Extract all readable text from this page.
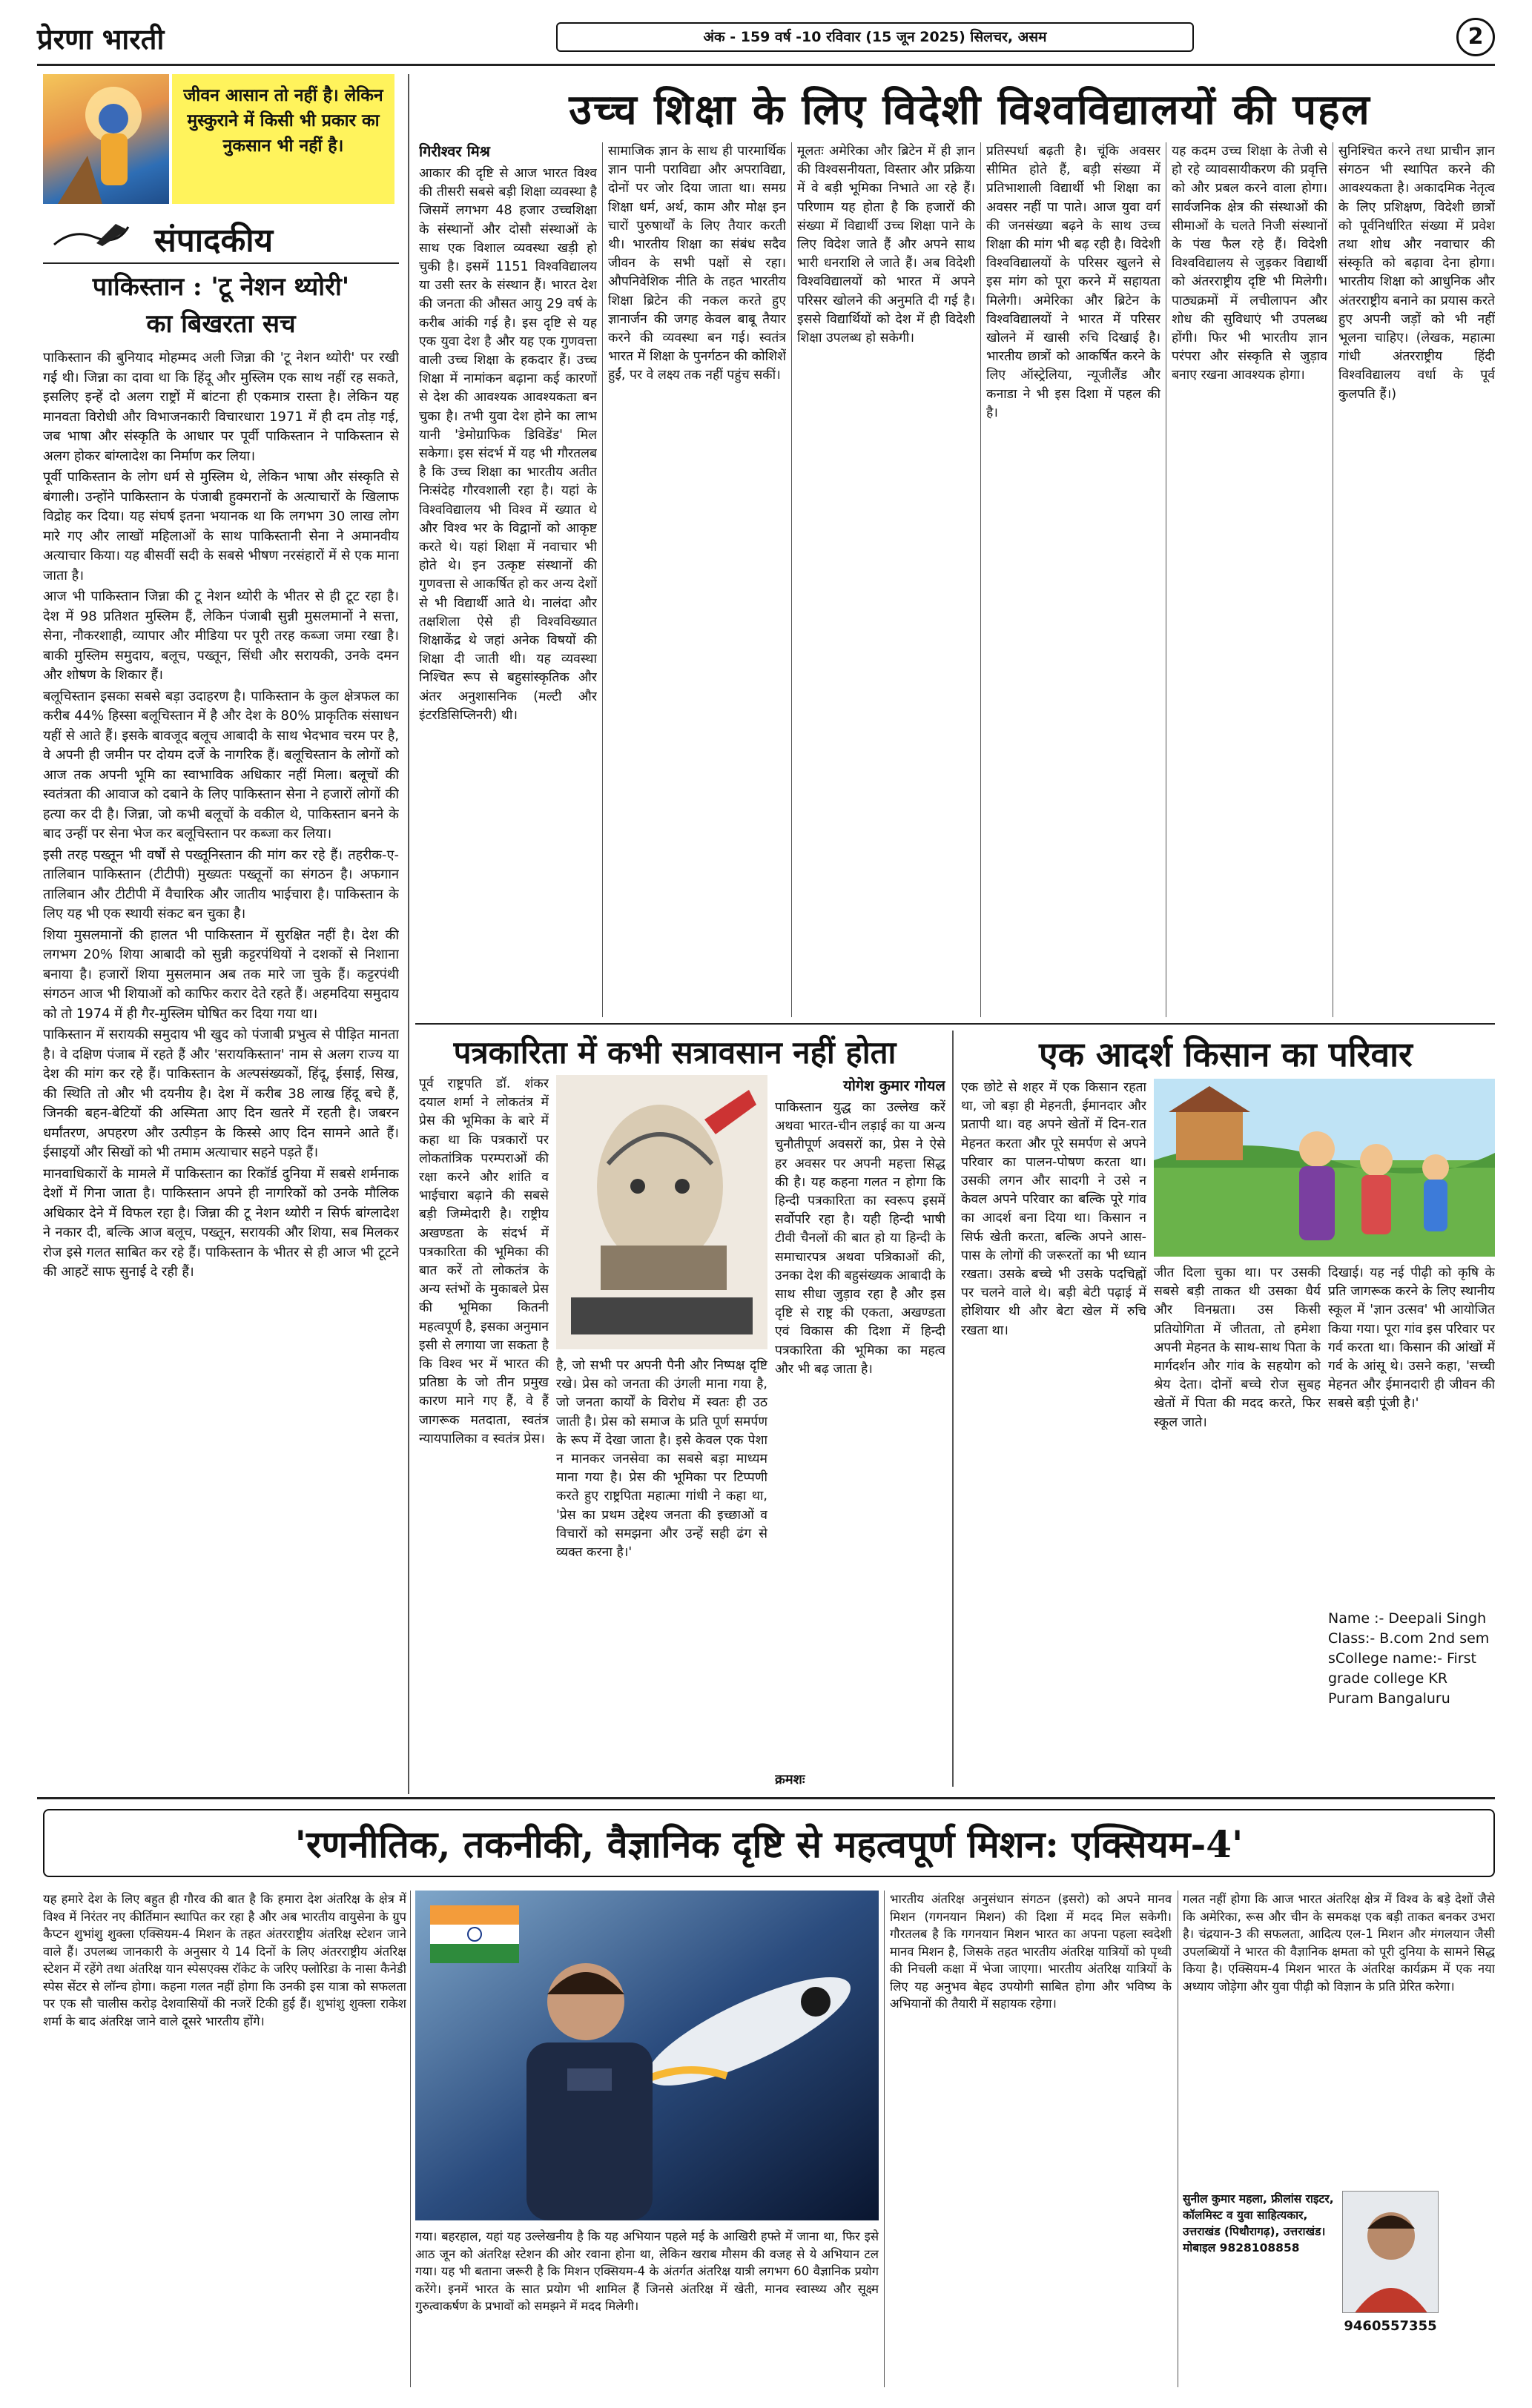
प्रेरणा भारती	अंक - 159 वर्ष -10 रविवार (15 जून 2025) सिलचर, असम	2
जीवन आसान तो नहीं है। लेकिन मुस्कुराने में किसी भी प्रकार का नुकसान भी नहीं है।
संपादकीय
पाकिस्तान : 'टू नेशन थ्योरी'
का बिखरता सच

पाकिस्तान की बुनियाद मोहम्मद अली जिन्ना की 'टू नेशन थ्योरी' पर रखी गई थी। जिन्ना का दावा था कि हिंदू और मुस्लिम एक साथ नहीं रह सकते, इसलिए इन्हें दो अलग राष्ट्रों में बांटना ही एकमात्र रास्ता है। लेकिन यह मानवता विरोधी और विभाजनकारी विचारधारा 1971 में ही दम तोड़ गई, जब भाषा और संस्कृति के आधार पर पूर्वी पाकिस्तान ने पाकिस्तान से अलग होकर बांग्लादेश का निर्माण कर लिया।

पूर्वी पाकिस्तान के लोग धर्म से मुस्लिम थे, लेकिन भाषा और संस्कृति से बंगाली। उन्होंने पाकिस्तान के पंजाबी हुक्मरानों के अत्याचारों के खिलाफ विद्रोह कर दिया। यह संघर्ष इतना भयानक था कि लगभग 30 लाख लोग मारे गए और लाखों महिलाओं के साथ पाकिस्तानी सेना ने अमानवीय अत्याचार किया। यह बीसवीं सदी के सबसे भीषण नरसंहारों में से एक माना जाता है।

आज भी पाकिस्तान जिन्ना की टू नेशन थ्योरी के भीतर से ही टूट रहा है। देश में 98 प्रतिशत मुस्लिम हैं, लेकिन पंजाबी सुन्नी मुसलमानों ने सत्ता, सेना, नौकरशाही, व्यापार और मीडिया पर पूरी तरह कब्जा जमा रखा है। बाकी मुस्लिम समुदाय, बलूच, पख्तून, सिंधी और सरायकी, उनके दमन और शोषण के शिकार हैं।

बलूचिस्तान इसका सबसे बड़ा उदाहरण है। पाकिस्तान के कुल क्षेत्रफल का करीब 44% हिस्सा बलूचिस्तान में है और देश के 80% प्राकृतिक संसाधन यहीं से आते हैं। इसके बावजूद बलूच आबादी के साथ भेदभाव चरम पर है, वे अपनी ही जमीन पर दोयम दर्जे के नागरिक हैं। बलूचिस्तान के लोगों को आज तक अपनी भूमि का स्वाभाविक अधिकार नहीं मिला। बलूचों की स्वतंत्रता की आवाज को दबाने के लिए पाकिस्तान सेना ने हजारों लोगों की हत्या कर दी है। जिन्ना, जो कभी बलूचों के वकील थे, पाकिस्तान बनने के बाद उन्हीं पर सेना भेज कर बलूचिस्तान पर कब्जा कर लिया।

इसी तरह पख्तून भी वर्षों से पख्तूनिस्तान की मांग कर रहे हैं। तहरीक-ए-तालिबान पाकिस्तान (टीटीपी) मुख्यतः पख्तूनों का संगठन है। अफगान तालिबान और टीटीपी में वैचारिक और जातीय भाईचारा है। पाकिस्तान के लिए यह भी एक स्थायी संकट बन चुका है।

शिया मुसलमानों की हालत भी पाकिस्तान में सुरक्षित नहीं है। देश की लगभग 20% शिया आबादी को सुन्नी कट्टरपंथियों ने दशकों से निशाना बनाया है। हजारों शिया मुसलमान अब तक मारे जा चुके हैं। कट्टरपंथी संगठन आज भी शियाओं को काफिर करार देते रहते हैं। अहमदिया समुदाय को तो 1974 में ही गैर-मुस्लिम घोषित कर दिया गया था।

पाकिस्तान में सरायकी समुदाय भी खुद को पंजाबी प्रभुत्व से पीड़ित मानता है। वे दक्षिण पंजाब में रहते हैं और 'सरायकिस्तान' नाम से अलग राज्य या देश की मांग कर रहे हैं। पाकिस्तान के अल्पसंख्यकों, हिंदू, ईसाई, सिख, की स्थिति तो और भी दयनीय है। देश में करीब 38 लाख हिंदू बचे हैं, जिनकी बहन-बेटियों की अस्मिता आए दिन खतरे में रहती है। जबरन धर्मांतरण, अपहरण और उत्पीड़न के किस्से आए दिन सामने आते हैं। ईसाइयों और सिखों को भी तमाम अत्याचार सहने पड़ते हैं।

मानवाधिकारों के मामले में पाकिस्तान का रिकॉर्ड दुनिया में सबसे शर्मनाक देशों में गिना जाता है। पाकिस्तान अपने ही नागरिकों को उनके मौलिक अधिकार देने में विफल रहा है। जिन्ना की टू नेशन थ्योरी न सिर्फ बांग्लादेश ने नकार दी, बल्कि आज बलूच, पख्तून, सरायकी और शिया, सब मिलकर रोज इसे गलत साबित कर रहे हैं। पाकिस्तान के भीतर से ही आज भी टूटने की आहटें साफ सुनाई दे रही हैं।

उच्च शिक्षा के लिए विदेशी विश्वविद्यालयों की पहल
गिरीश्वर मिश्र

आकार की दृष्टि से आज भारत विश्व की तीसरी सबसे बड़ी शिक्षा व्यवस्था है जिसमें लगभग 48 हजार उच्चशिक्षा के संस्थानों और दोसौ संस्थाओं के साथ एक विशाल व्यवस्था खड़ी हो चुकी है। इसमें 1151 विश्वविद्यालय या उसी स्तर के संस्थान हैं। भारत देश की जनता की औसत आयु 29 वर्ष के करीब आंकी गई है। इस दृष्टि से यह एक युवा देश है और यह एक गुणवत्ता वाली उच्च शिक्षा के हकदार हैं। उच्च शिक्षा में नामांकन बढ़ाना कई कारणों से देश की आवश्यक आवश्यकता बन चुका है। तभी युवा देश होने का लाभ यानी 'डेमोग्राफिक डिविडेंड' मिल सकेगा। इस संदर्भ में यह भी गौरतलब है कि उच्च शिक्षा का भारतीय अतीत निःसंदेह गौरवशाली रहा है। यहां के विश्वविद्यालय भी विश्व में ख्यात थे और विश्व भर के विद्वानों को आकृष्ट करते थे। यहां शिक्षा में नवाचार भी होते थे। इन उत्कृष्ट संस्थानों की गुणवत्ता से आकर्षित हो कर अन्य देशों से भी विद्यार्थी आते थे। नालंदा और तक्षशिला ऐसे ही विश्वविख्यात शिक्षाकेंद्र थे जहां अनेक विषयों की शिक्षा दी जाती थी। यह व्यवस्था निश्चित रूप से बहुसांस्कृतिक और अंतर अनुशासनिक (मल्टी और इंटरडिसिप्लिनरी) थी।

सामाजिक ज्ञान के साथ ही पारमार्थिक ज्ञान पानी पराविद्या और अपराविद्या, दोनों पर जोर दिया जाता था। समग्र शिक्षा धर्म, अर्थ, काम और मोक्ष इन चारों पुरुषार्थों के लिए तैयार करती थी। भारतीय शिक्षा का संबंध सदैव जीवन के सभी पक्षों से रहा। औपनिवेशिक नीति के तहत भारतीय शिक्षा ब्रिटेन की नकल करते हुए ज्ञानार्जन की जगह केवल बाबू तैयार करने की व्यवस्था बन गई। स्वतंत्र भारत में शिक्षा के पुनर्गठन की कोशिशें हुईं, पर वे लक्ष्य तक नहीं पहुंच सकीं।

मूलतः अमेरिका और ब्रिटेन में ही ज्ञान की विश्वसनीयता, विस्तार और प्रक्रिया में वे बड़ी भूमिका निभाते आ रहे हैं। परिणाम यह होता है कि हजारों की संख्या में विद्यार्थी उच्च शिक्षा पाने के लिए विदेश जाते हैं और अपने साथ भारी धनराशि ले जाते हैं। अब विदेशी विश्वविद्यालयों को भारत में अपने परिसर खोलने की अनुमति दी गई है। इससे विद्यार्थियों को देश में ही विदेशी शिक्षा उपलब्ध हो सकेगी।

प्रतिस्पर्धा बढ़ती है। चूंकि अवसर सीमित होते हैं, बड़ी संख्या में प्रतिभाशाली विद्यार्थी भी शिक्षा का अवसर नहीं पा पाते। आज युवा वर्ग की जनसंख्या बढ़ने के साथ उच्च शिक्षा की मांग भी बढ़ रही है। विदेशी विश्वविद्यालयों के परिसर खुलने से इस मांग को पूरा करने में सहायता मिलेगी। अमेरिका और ब्रिटेन के विश्वविद्यालयों ने भारत में परिसर खोलने में खासी रुचि दिखाई है। भारतीय छात्रों को आकर्षित करने के लिए ऑस्ट्रेलिया, न्यूजीलैंड और कनाडा ने भी इस दिशा में पहल की है।

यह कदम उच्च शिक्षा के तेजी से हो रहे व्यावसायीकरण की प्रवृत्ति को और प्रबल करने वाला होगा। सार्वजनिक क्षेत्र की संस्थाओं की सीमाओं के चलते निजी संस्थानों के पंख फैल रहे हैं। विदेशी विश्वविद्यालय से जुड़कर विद्यार्थी को अंतरराष्ट्रीय दृष्टि भी मिलेगी। पाठ्यक्रमों में लचीलापन और शोध की सुविधाएं भी उपलब्ध होंगी। फिर भी भारतीय ज्ञान परंपरा और संस्कृति से जुड़ाव बनाए रखना आवश्यक होगा।

सुनिश्चित करने तथा प्राचीन ज्ञान संगठन भी स्थापित करने की आवश्यकता है। अकादमिक नेतृत्व के लिए प्रशिक्षण, विदेशी छात्रों को पूर्वनिर्धारित संख्या में प्रवेश तथा शोध और नवाचार की संस्कृति को बढ़ावा देना होगा। भारतीय शिक्षा को आधुनिक और अंतरराष्ट्रीय बनाने का प्रयास करते हुए अपनी जड़ों को भी नहीं भूलना चाहिए। (लेखक, महात्मा गांधी अंतरराष्ट्रीय हिंदी विश्वविद्यालय वर्धा के पूर्व कुलपति हैं।)

पत्रकारिता में कभी सत्रावसान नहीं होता

पूर्व राष्ट्रपति डॉ. शंकर दयाल शर्मा ने लोकतंत्र में प्रेस की भूमिका के बारे में कहा था कि पत्रकारों पर लोकतांत्रिक परम्पराओं की रक्षा करने और शांति व भाईचारा बढ़ाने की सबसे बड़ी जिम्मेदारी है। राष्ट्रीय अखण्डता के संदर्भ में पत्रकारिता की भूमिका की बात करें तो लोकतंत्र के अन्य स्तंभों के मुकाबले प्रेस की भूमिका कितनी महत्वपूर्ण है, इसका अनुमान इसी से लगाया जा सकता है कि विश्व भर में भारत की प्रतिष्ठा के जो तीन प्रमुख कारण माने गए हैं, वे हैं जागरूक मतदाता, स्वतंत्र न्यायपालिका व स्वतंत्र प्रेस।

है, जो सभी पर अपनी पैनी और निष्पक्ष दृष्टि रखे। प्रेस को जनता की उंगली माना गया है, जो जनता कार्यों के विरोध में स्वतः ही उठ जाती है। प्रेस को समाज के प्रति पूर्ण समर्पण के रूप में देखा जाता है। इसे केवल एक पेशा न मानकर जनसेवा का सबसे बड़ा माध्यम माना गया है। प्रेस की भूमिका पर टिप्पणी करते हुए राष्ट्रपिता महात्मा गांधी ने कहा था, 'प्रेस का प्रथम उद्देश्य जनता की इच्छाओं व विचारों को समझना और उन्हें सही ढंग से व्यक्त करना है।'

योगेश कुमार गोयल

पाकिस्तान युद्ध का उल्लेख करें अथवा भारत-चीन लड़ाई का या अन्य चुनौतीपूर्ण अवसरों का, प्रेस ने ऐसे हर अवसर पर अपनी महत्ता सिद्ध की है। यह कहना गलत न होगा कि हिन्दी पत्रकारिता का स्वरूप इसमें सर्वोपरि रहा है। यही हिन्दी भाषी टीवी चैनलों की बात हो या हिन्दी के समाचारपत्र अथवा पत्रिकाओं की, उनका देश की बहुसंख्यक आबादी के साथ सीधा जुड़ाव रहा है और इस दृष्टि से राष्ट्र की एकता, अखण्डता एवं विकास की दिशा में हिन्दी पत्रकारिता की भूमिका का महत्व और भी बढ़ जाता है।

क्रमशः
एक आदर्श किसान का परिवार

एक छोटे से शहर में एक किसान रहता था, जो बड़ा ही मेहनती, ईमानदार और प्रतापी था। वह अपने खेतों में दिन-रात मेहनत करता और पूरे समर्पण से अपने परिवार का पालन-पोषण करता था। उसकी लगन और सादगी ने उसे न केवल अपने परिवार का बल्कि पूरे गांव का आदर्श बना दिया था। किसान न सिर्फ खेती करता, बल्कि अपने आस-पास के लोगों की जरूरतों का भी ध्यान रखता। उसके बच्चे भी उसके पदचिह्नों पर चलने वाले थे। बड़ी बेटी पढ़ाई में होशियार थी और बेटा खेल में रुचि रखता था।

जीत दिला चुका था। पर उसकी सबसे बड़ी ताकत थी उसका धैर्य और विनम्रता। उस किसी प्रतियोगिता में जीतता, तो हमेशा अपनी मेहनत के साथ-साथ पिता के मार्गदर्शन और गांव के सहयोग को श्रेय देता। दोनों बच्चे रोज सुबह खेतों में पिता की मदद करते, फिर स्कूल जाते।

दिखाई। यह नई पीढ़ी को कृषि के प्रति जागरूक करने के लिए स्थानीय स्कूल में 'ज्ञान उत्सव' भी आयोजित किया गया। पूरा गांव इस परिवार पर गर्व करता था। किसान की आंखों में गर्व के आंसू थे। उसने कहा, 'सच्ची मेहनत और ईमानदारी ही जीवन की सबसे बड़ी पूंजी है।'

Name :- Deepali Singh Class:- B.com 2nd sem sCollege name:- First grade college KR Puram Bangaluru
'रणनीतिक, तकनीकी, वैज्ञानिक दृष्टि से महत्वपूर्ण मिशन: एक्सियम-4'

यह हमारे देश के लिए बहुत ही गौरव की बात है कि हमारा देश अंतरिक्ष के क्षेत्र में विश्व में निरंतर नए कीर्तिमान स्थापित कर रहा है और अब भारतीय वायुसेना के ग्रुप कैप्टन शुभांशु शुक्ला एक्सियम-4 मिशन के तहत अंतरराष्ट्रीय अंतरिक्ष स्टेशन जाने वाले हैं। उपलब्ध जानकारी के अनुसार ये 14 दिनों के लिए अंतरराष्ट्रीय अंतरिक्ष स्टेशन में रहेंगे तथा अंतरिक्ष यान स्पेसएक्स रॉकेट के जरिए फ्लोरिडा के नासा कैनेडी स्पेस सेंटर से लॉन्च होगा। कहना गलत नहीं होगा कि उनकी इस यात्रा को सफलता पर एक सौ चालीस करोड़ देशवासियों की नजरें टिकी हुई हैं। शुभांशु शुक्ला राकेश शर्मा के बाद अंतरिक्ष जाने वाले दूसरे भारतीय होंगे।

गया। बहरहाल, यहां यह उल्लेखनीय है कि यह अभियान पहले मई के आखिरी हफ्ते में जाना था, फिर इसे आठ जून को अंतरिक्ष स्टेशन की ओर रवाना होना था, लेकिन खराब मौसम की वजह से ये अभियान टल गया। यह भी बताना जरूरी है कि मिशन एक्सियम-4 के अंतर्गत अंतरिक्ष यात्री लगभग 60 वैज्ञानिक प्रयोग करेंगे। इनमें भारत के सात प्रयोग भी शामिल हैं जिनसे अंतरिक्ष में खेती, मानव स्वास्थ्य और सूक्ष्म गुरुत्वाकर्षण के प्रभावों को समझने में मदद मिलेगी।

भारतीय अंतरिक्ष अनुसंधान संगठन (इसरो) को अपने मानव मिशन (गगनयान मिशन) की दिशा में मदद मिल सकेगी। गौरतलब है कि गगनयान मिशन भारत का अपना पहला स्वदेशी मानव मिशन है, जिसके तहत भारतीय अंतरिक्ष यात्रियों को पृथ्वी की निचली कक्षा में भेजा जाएगा। भारतीय अंतरिक्ष यात्रियों के लिए यह अनुभव बेहद उपयोगी साबित होगा और भविष्य के अभियानों की तैयारी में सहायक रहेगा।

गलत नहीं होगा कि आज भारत अंतरिक्ष क्षेत्र में विश्व के बड़े देशों जैसे कि अमेरिका, रूस और चीन के समकक्ष एक बड़ी ताकत बनकर उभरा है। चंद्रयान-3 की सफलता, आदित्य एल-1 मिशन और मंगलयान जैसी उपलब्धियों ने भारत की वैज्ञानिक क्षमता को पूरी दुनिया के सामने सिद्ध किया है। एक्सियम-4 मिशन भारत के अंतरिक्ष कार्यक्रम में एक नया अध्याय जोड़ेगा और युवा पीढ़ी को विज्ञान के प्रति प्रेरित करेगा।

सुनील कुमार महला, फ्रीलांस राइटर, कॉलमिस्ट व युवा साहित्यकार, उत्तराखंड (पिथौरागढ़), उत्तराखंड। मोबाइल 9828108858
9460557355
